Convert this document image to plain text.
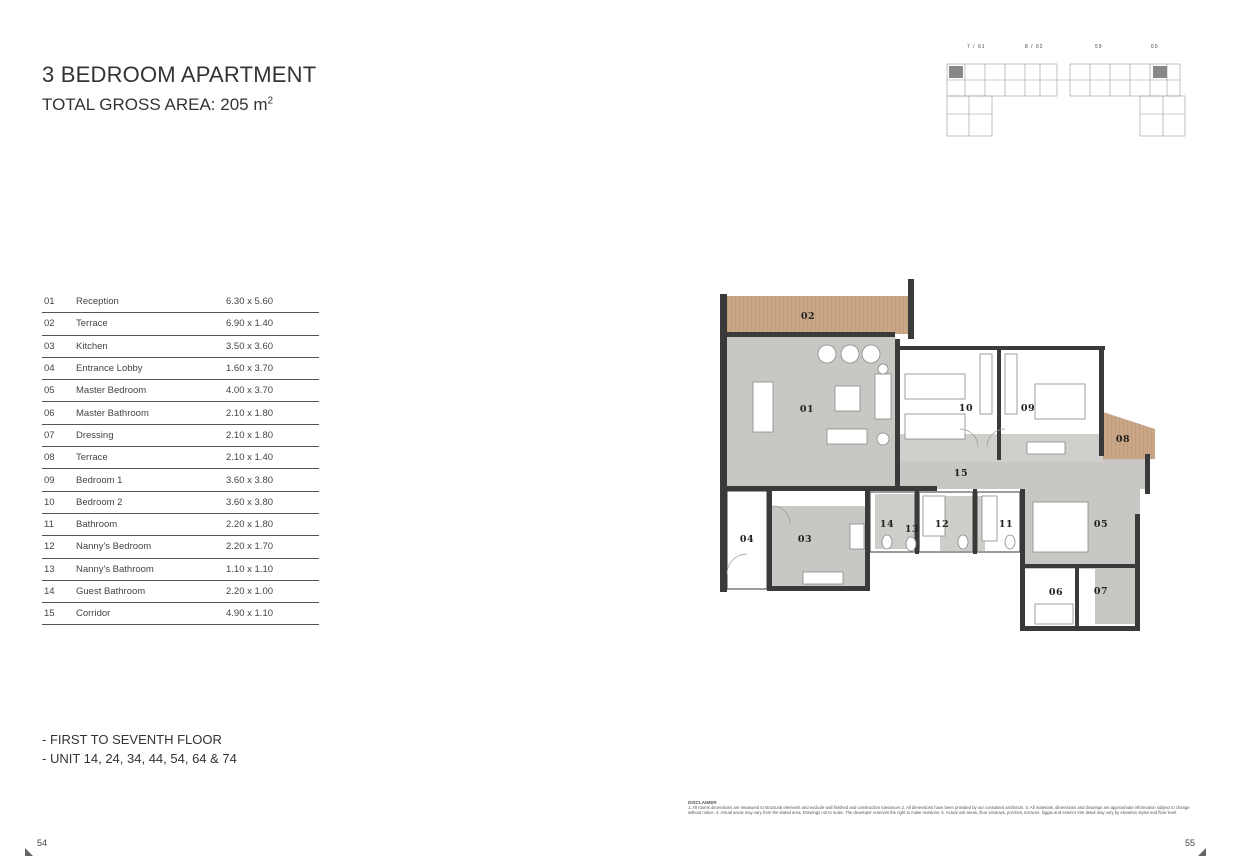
3 BEDROOM APARTMENT
TOTAL GROSS AREA: 205 $m^2$
01	Reception	6.30 x 5.60
02	Terrace	6.90 x 1.40
03	Kitchen	3.50 x 3.60
04	Entrance Lobby	1.60 x 3.70
05	Master Bedroom	4.00 x 3.70
06	Master Bathroom	2.10 x 1.80
07	Dressing	2.10 x 1.80
08	Terrace	2.10 x 1.40
09	Bedroom 1	3.60 x 3.80
10	Bedroom 2	3.60 x 3.80
11	Bathroom	2.20 x 1.80
12	Nanny's Bedroom	2.20 x 1.70
13	Nanny's Bathroom	1.10 x 1.10
14	Guest Bathroom	2.20 x 1.00
15	Corridor	4.90 x 1.10
- FIRST TO SEVENTH FLOOR
- UNIT 14, 24, 34, 44, 54, 64 & 74
7 / 61	8 / 62	59	60
01
02
03
04
05
06	07
08
09
10
11
12
13
14
15
DISCLAIMER
1. All rooms dimensions are measured to structural elements and exclude wall finished and construction tolerances 2. All dimensions have been provided by our consultant architects. 3. All materials, dimensions and drawings are approximate information subject to change without notice. 4. Actual areas may vary from the stated area, Drawings not to scale. The developer reserves the right to make revisions. 5. Actual unit areas, floor windows, porches, terraces, loggia and exterior trim detail may vary by elevation styles and floor level.
54	55
